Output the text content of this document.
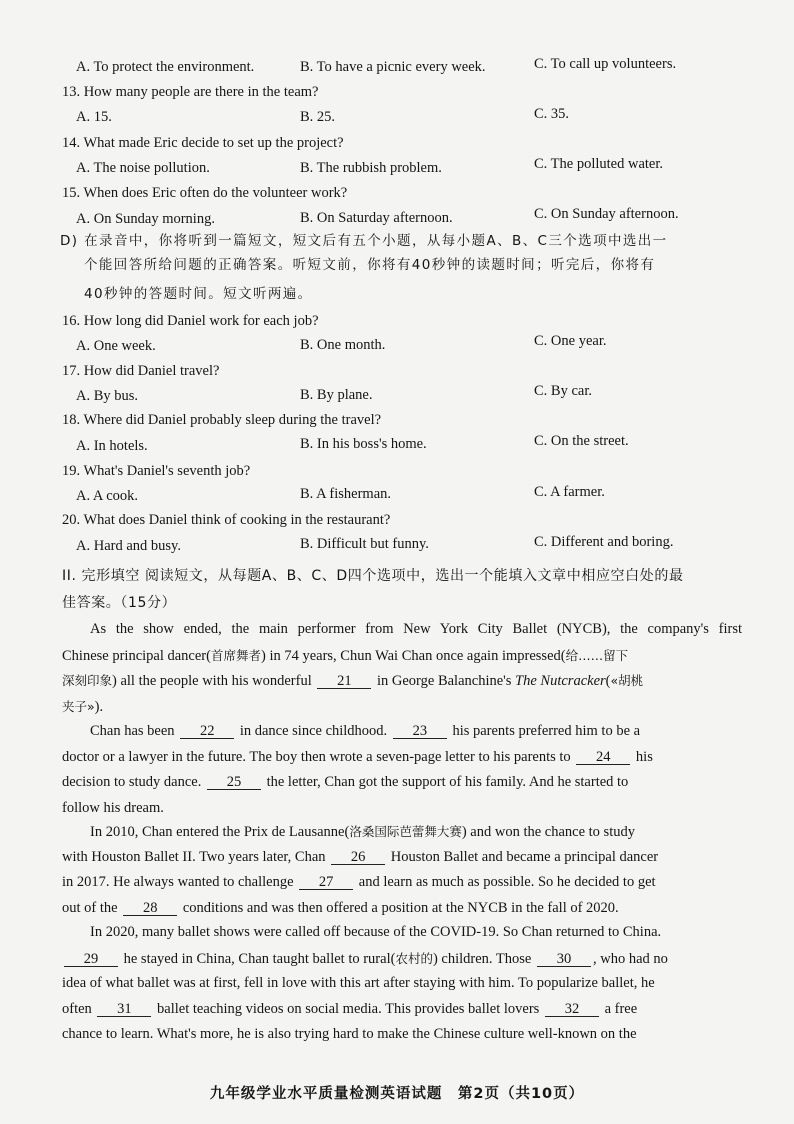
A. To protect the environment.	B. To have a picnic every week.	C. To call up volunteers.
13. How many people are there in the team?
A. 15.	B. 25.	C. 35.
14. What made Eric decide to set up the project?
A. The noise pollution.	B. The rubbish problem.	C. The polluted water.
15. When does Eric often do the volunteer work?
A. On Sunday morning.	B. On Saturday afternoon.	C. On Sunday afternoon.
D) 在录音中，你将听到一篇短文，短文后有五个小题，从每小题A、B、C三个选项中选出一
个能回答所给问题的正确答案。听短文前，你将有40秒钟的读题时间；听完后，你将有
40秒钟的答题时间。短文听两遍。
16. How long did Daniel work for each job?
A. One week.	B. One month.	C. One year.
17. How did Daniel travel?
A. By bus.	B. By plane.	C. By car.
18. Where did Daniel probably sleep during the travel?
A. In hotels.	B. In his boss's home.	C. On the street.
19. What's Daniel's seventh job?
A. A cook.	B. A fisherman.	C. A farmer.
20. What does Daniel think of cooking in the restaurant?
A. Hard and busy.	B. Difficult but funny.	C. Different and boring.
II. 完形填空 阅读短文，从每题A、B、C、D四个选项中，选出一个能填入文章中相应空白处的最
佳答案。（15分）
As the show ended, the main performer from New York City Ballet (NYCB), the company's first
Chinese principal dancer(首席舞者) in 74 years, Chun Wai Chan once again impressed(给……留下
深刻印象) all the people with his wonderful 21 in George Balanchine's The Nutcracker(«胡桃
夹子»).
Chan has been 22 in dance since childhood. 23 his parents preferred him to be a
doctor or a lawyer in the future. The boy then wrote a seven-page letter to his parents to 24 his
decision to study dance. 25 the letter, Chan got the support of his family. And he started to
follow his dream.
In 2010, Chan entered the Prix de Lausanne(洛桑国际芭蕾舞大赛) and won the chance to study
with Houston Ballet II. Two years later, Chan 26 Houston Ballet and became a principal dancer
in 2017. He always wanted to challenge 27 and learn as much as possible. So he decided to get
out of the 28 conditions and was then offered a position at the NYCB in the fall of 2020.
In 2020, many ballet shows were called off because of the COVID-19. So Chan returned to China.
29 he stayed in China, Chan taught ballet to rural(农村的) children. Those 30 , who had no
idea of what ballet was at first, fell in love with this art after staying with him. To popularize ballet, he
often 31 ballet teaching videos on social media. This provides ballet lovers 32 a free
chance to learn. What's more, he is also trying hard to make the Chinese culture well-known on the
九年级学业水平质量检测英语试题　第2页（共10页）
